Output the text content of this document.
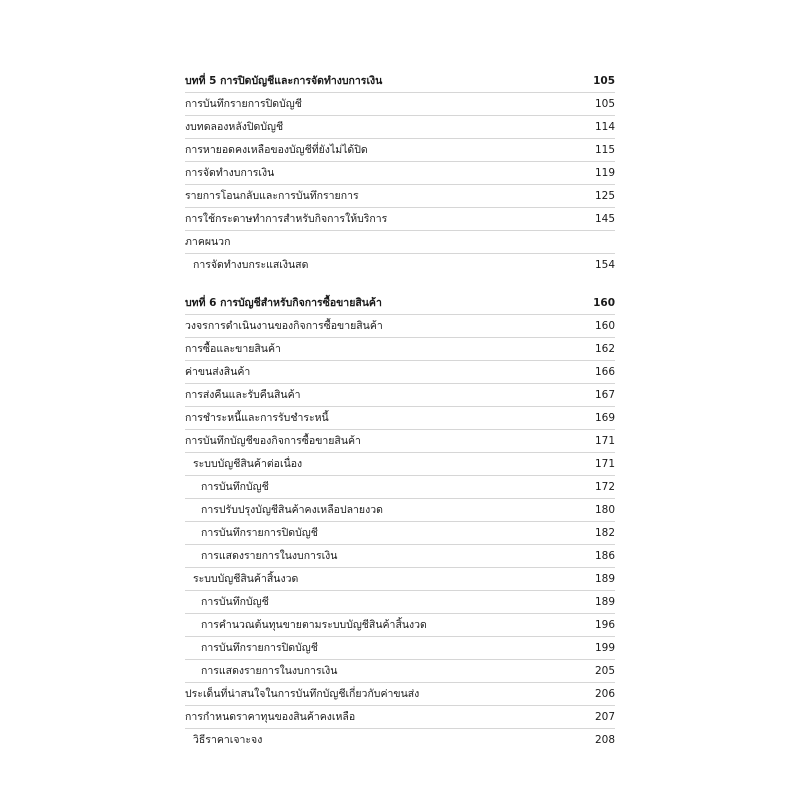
บทที่ 5 การปิดบัญชีและการจัดทำงบการเงิน	105
การบันทึกรายการปิดบัญชี	105
งบทดลองหลังปิดบัญชี	114
การหายอดคงเหลือของบัญชีที่ยังไม่ได้ปิด	115
การจัดทำงบการเงิน	119
รายการโอนกลับและการบันทึกรายการ	125
การใช้กระดาษทำการสำหรับกิจการให้บริการ	145
ภาคผนวก
การจัดทำงบกระแสเงินสด	154
บทที่ 6 การบัญชีสำหรับกิจการซื้อขายสินค้า	160
วงจรการดำเนินงานของกิจการซื้อขายสินค้า	160
การซื้อและขายสินค้า	162
ค่าขนส่งสินค้า	166
การส่งคืนและรับคืนสินค้า	167
การชำระหนี้และการรับชำระหนี้	169
การบันทึกบัญชีของกิจการซื้อขายสินค้า	171
ระบบบัญชีสินค้าต่อเนื่อง	171
การบันทึกบัญชี	172
การปรับปรุงบัญชีสินค้าคงเหลือปลายงวด	180
การบันทึกรายการปิดบัญชี	182
การแสดงรายการในงบการเงิน	186
ระบบบัญชีสินค้าสิ้นงวด	189
การบันทึกบัญชี	189
การคำนวณต้นทุนขายตามระบบบัญชีสินค้าสิ้นงวด	196
การบันทึกรายการปิดบัญชี	199
การแสดงรายการในงบการเงิน	205
ประเด็นที่น่าสนใจในการบันทึกบัญชีเกี่ยวกับค่าขนส่ง	206
การกำหนดราคาทุนของสินค้าคงเหลือ	207
วิธีราคาเจาะจง	208
